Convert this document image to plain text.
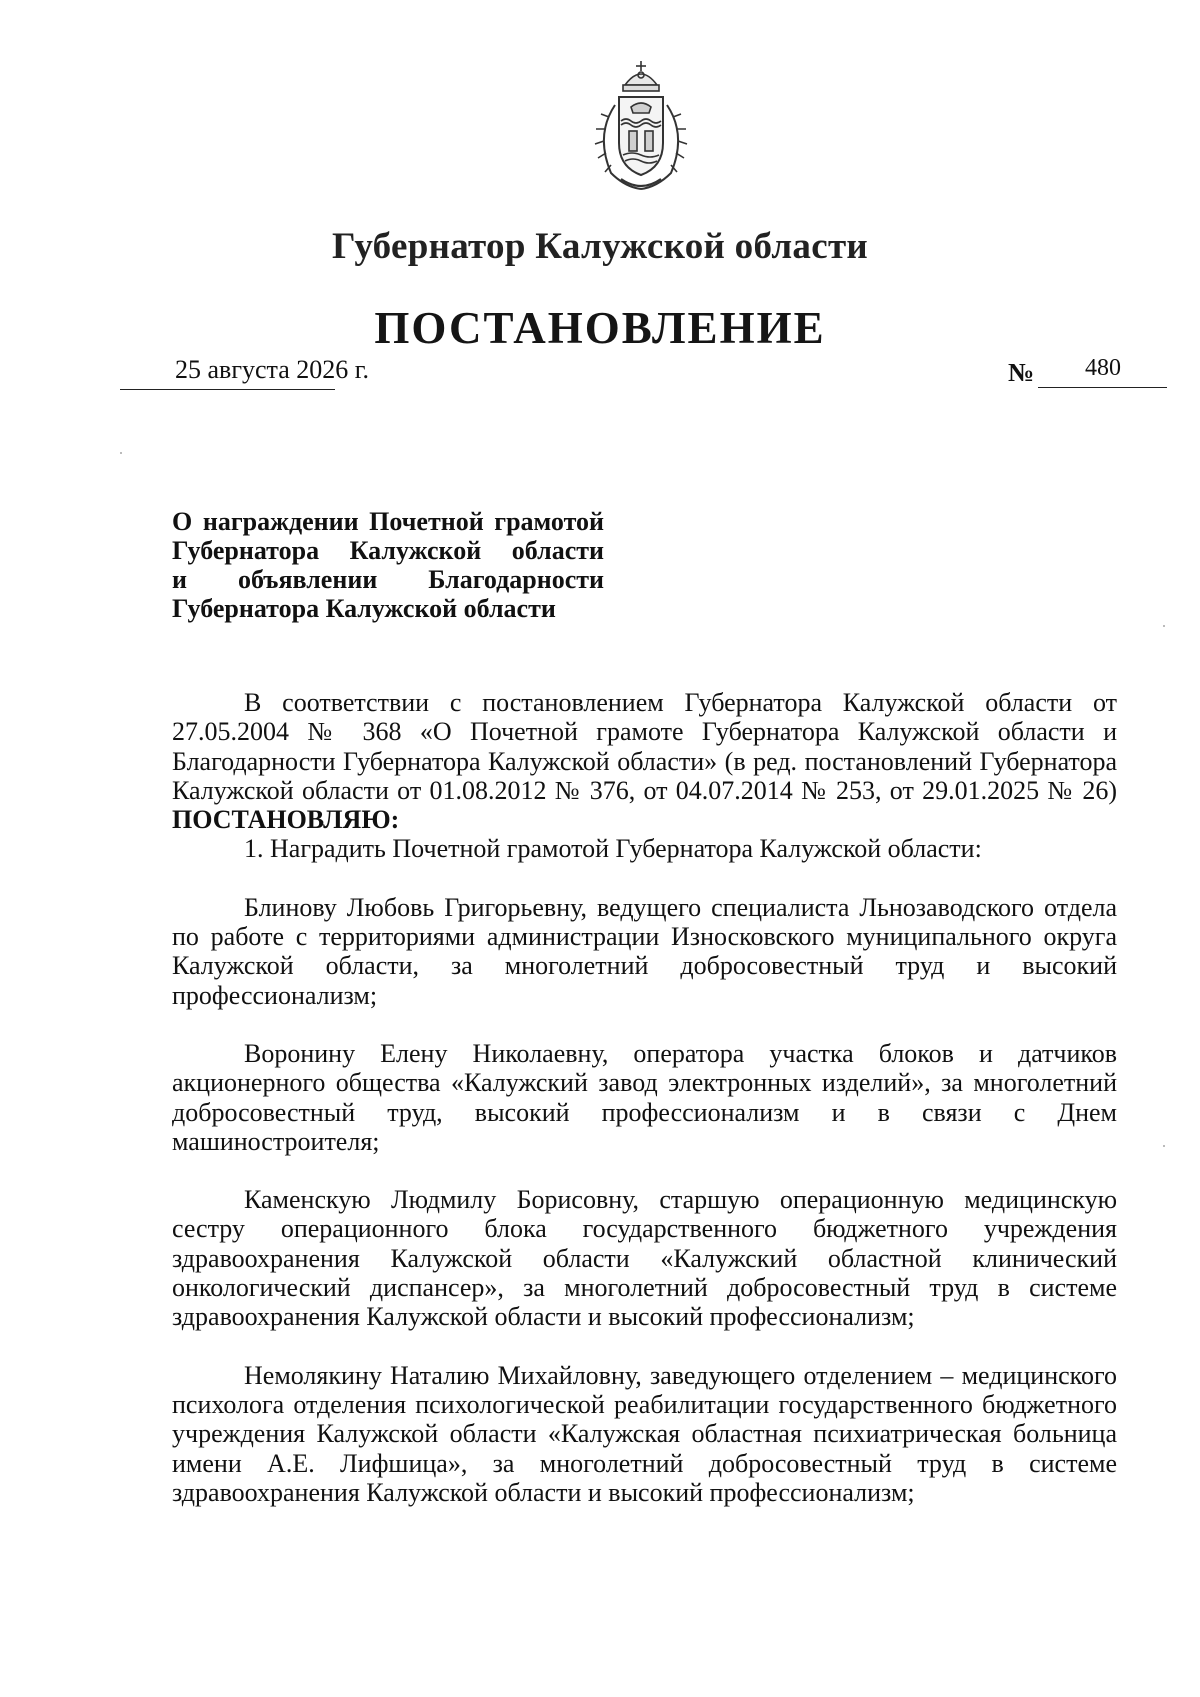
Губернатор Калужской области
ПОСТАНОВЛЕНИЕ
25 августа 2026 г.	№ 480
О награждении Почетной грамотой
Губернатора Калужской области
и объявлении Благодарности
Губернатора Калужской области

В соответствии с постановлением Губернатора Калужской области от 27.05.2004 № 368 «О Почетной грамоте Губернатора Калужской области и Благодарности Губернатора Калужской области» (в ред. постановлений Губернатора Калужской области от 01.08.2012 № 376, от 04.07.2014 № 253, от 29.01.2025 № 26) ПОСТАНОВЛЯЮ:

1. Наградить Почетной грамотой Губернатора Калужской области:

Блинову Любовь Григорьевну, ведущего специалиста Льнозаводского отдела по работе с территориями администрации Износковского муниципального округа Калужской области, за многолетний добросовестный труд и высокий профессионализм;

Воронину Елену Николаевну, оператора участка блоков и датчиков акционерного общества «Калужский завод электронных изделий», за многолетний добросовестный труд, высокий профессионализм и в связи с Днем машиностроителя;

Каменскую Людмилу Борисовну, старшую операционную медицинскую сестру операционного блока государственного бюджетного учреждения здравоохранения Калужской области «Калужский областной клинический онкологический диспансер», за многолетний добросовестный труд в системе здравоохранения Калужской области и высокий профессионализм;

Немолякину Наталию Михайловну, заведующего отделением – медицинского психолога отделения психологической реабилитации государственного бюджетного учреждения Калужской области «Калужская областная психиатрическая больница имени А.Е. Лифшица», за многолетний добросовестный труд в системе здравоохранения Калужской области и высокий профессионализм;
